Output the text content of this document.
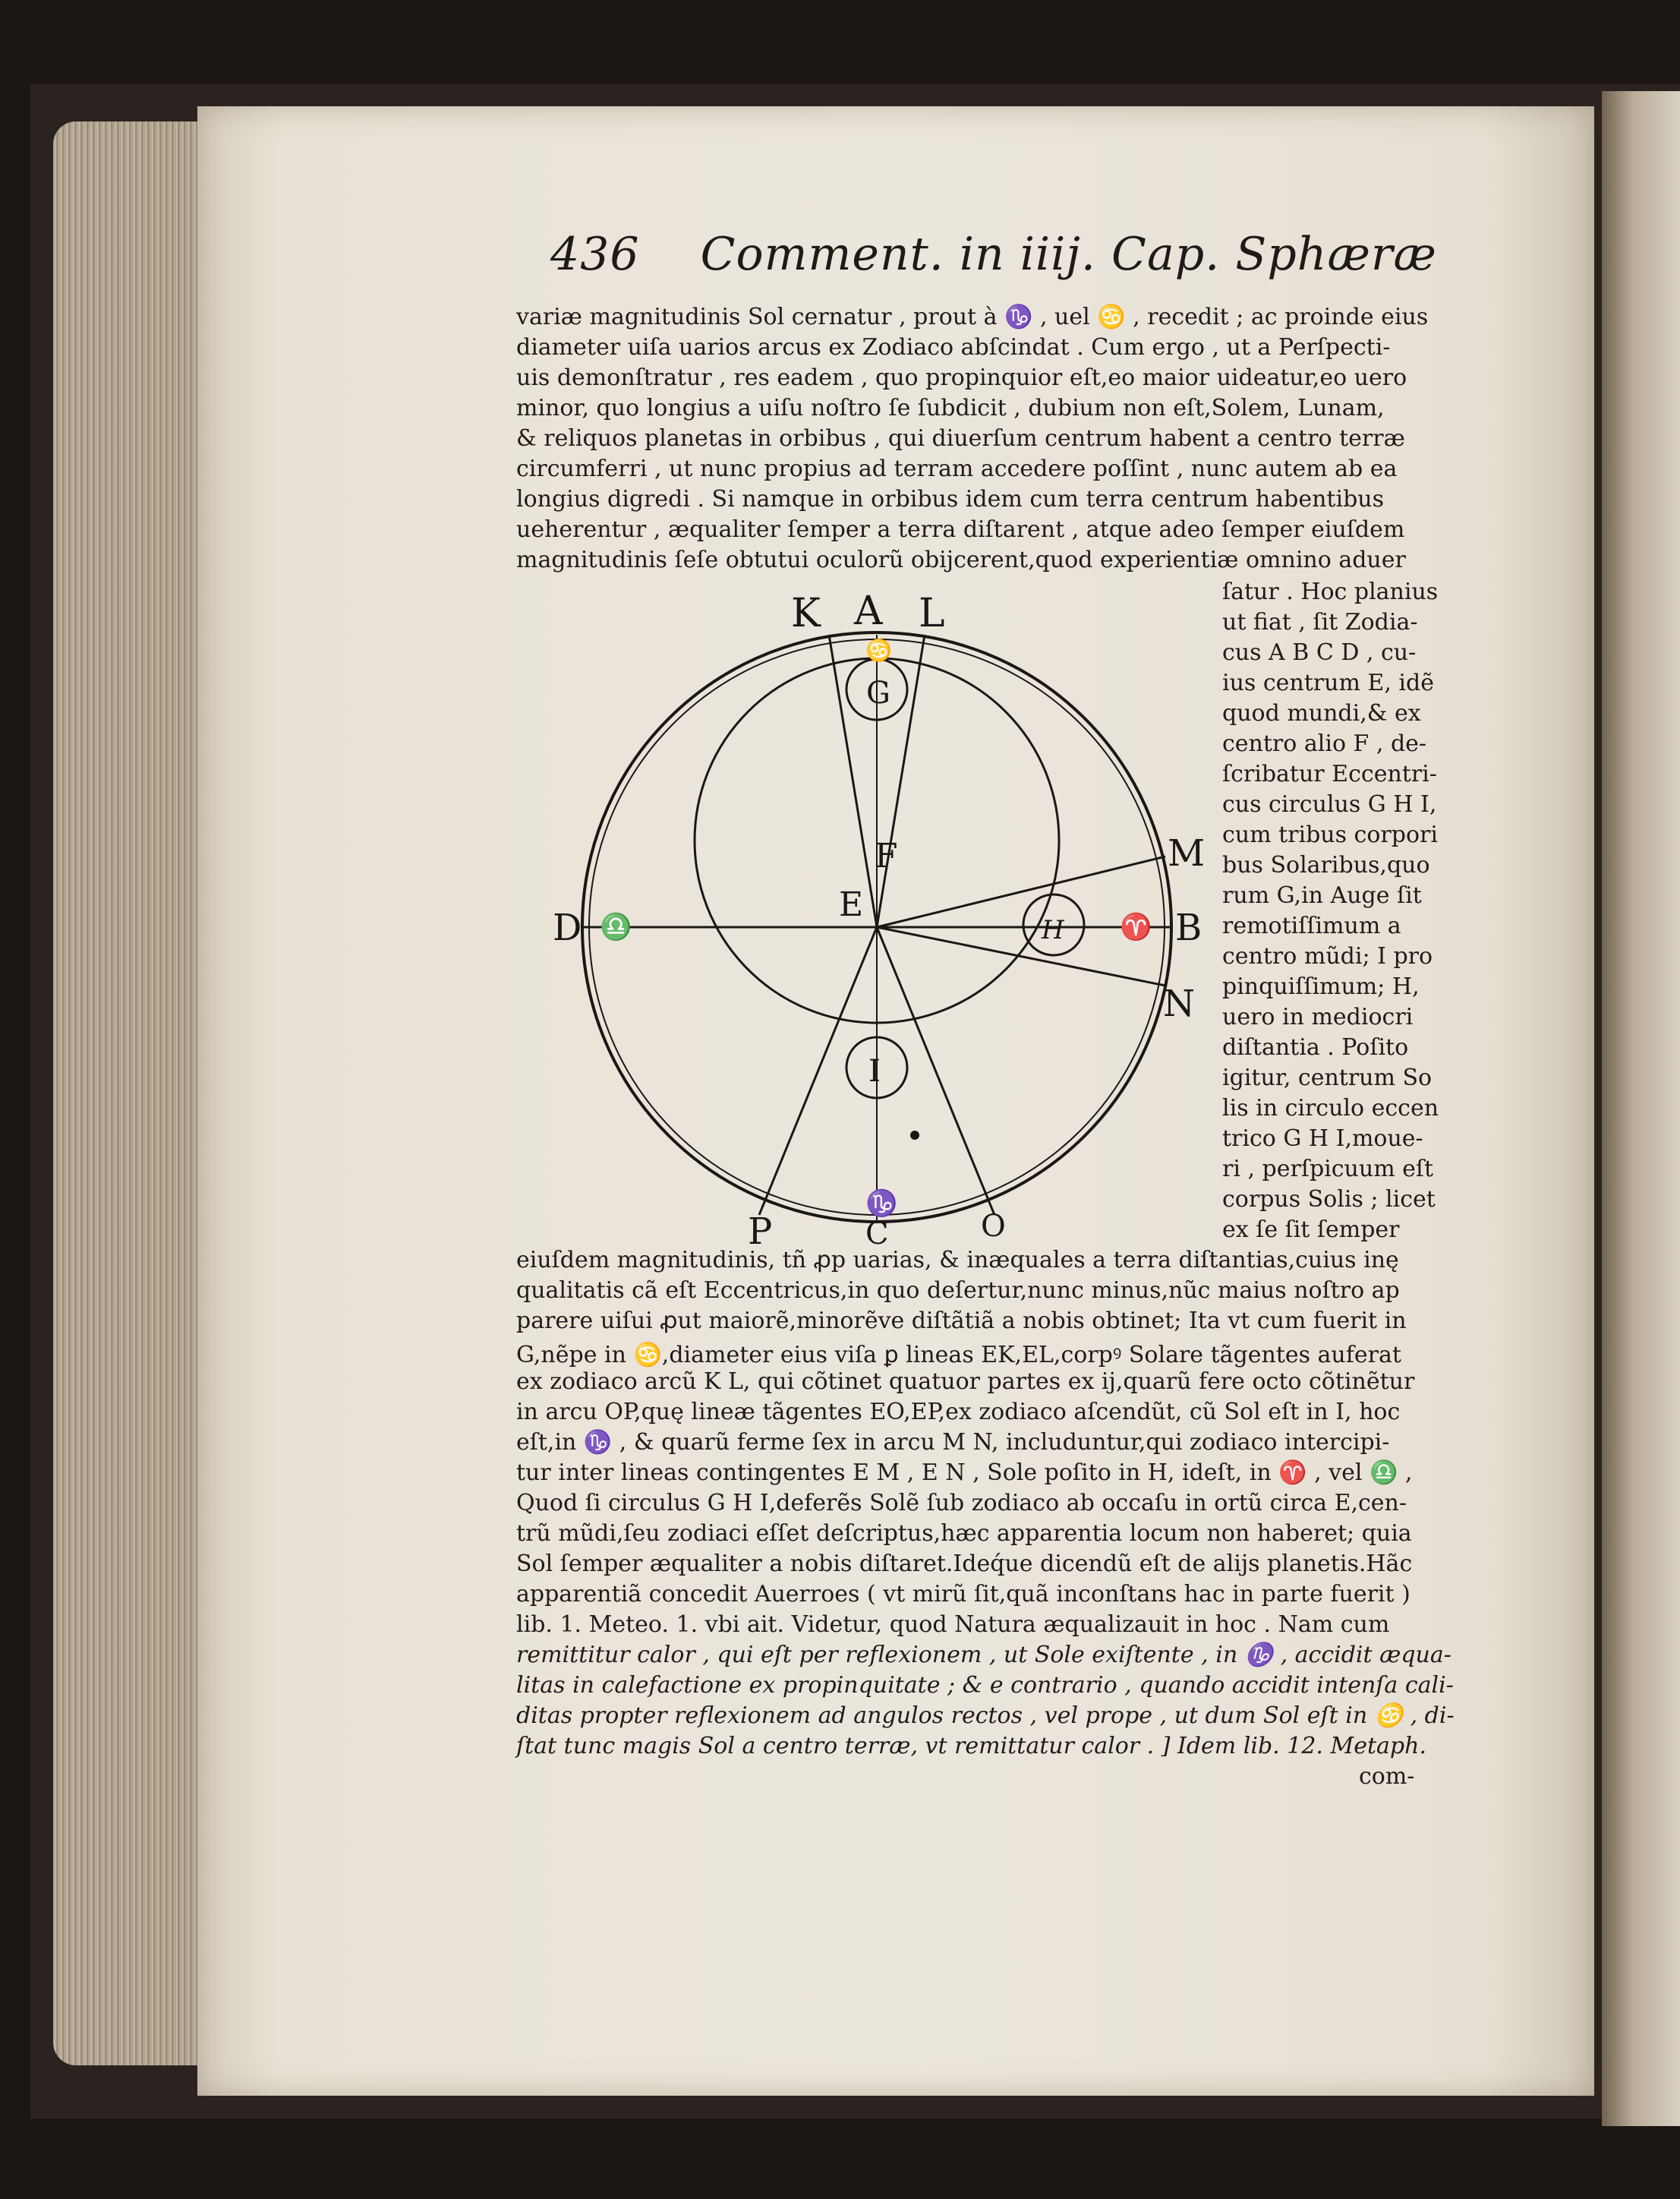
436 Comment. in iiij. Cap. Sphæræ
variæ magnitudinis Sol cernatur , prout à ♑ , uel ♋ , recedit ; ac proinde eius
diameter uiſa uarios arcus ex Zodiaco abſcindat . Cum ergo , ut a Perſpecti-
uis demonſtratur , res eadem , quo propinquior eſt,eo maior uideatur,eo uero
minor, quo longius a uiſu noſtro ſe ſubdicit , dubium non eſt,Solem, Lunam,
& reliquos planetas in orbibus , qui diuerſum centrum habent a centro terræ
circumferri , ut nunc propius ad terram accedere poſſint , nunc autem ab ea
longius digredi . Si namque in orbibus idem cum terra centrum habentibus
ueherentur , æqualiter ſemper a terra diſtarent , atque adeo ſemper eiuſdem
magnitudinis ſeſe obtutui oculorũ obijcerent,quod experientiæ omnino aduer
ſatur . Hoc planius
ut fiat , ſit Zodia-
cus A B C D , cu-
ius centrum E, idẽ
quod mundi,& ex
centro alio F , de-
ſcribatur Eccentri-
cus circulus G H I,
cum tribus corpori
bus Solaribus,quo
rum G,in Auge ſit
remotiſſimum a
centro mũdi; I pro
pinquiſſimum; H,
uero in mediocri
diſtantia . Poſito
igitur, centrum So
lis in circulo eccen
trico G H I,moue-
ri , perſpicuum eſt
corpus Solis ; licet
ex ſe ſit ſemper
K A L
M
B
N
D
P	C	O
E
F
G
H
I
♋
♈
♎
♑
eiuſdem magnitudinis, tñ ꝓp uarias, & inæquales a terra diſtantias,cuius inę
qualitatis cã eſt Eccentricus,in quo deſertur,nunc minus,nũc maius noſtro ap
parere uiſui ꝓut maiorẽ,minorẽve diſtãtiã a nobis obtinet; Ita vt cum fuerit in
G,nẽpe in ♋,diameter eius viſa ꝑ lineas EK,EL,corpꝰ Solare tãgentes auferat
ex zodiaco arcũ K L, qui cõtinet quatuor partes ex ij,quarũ fere octo cõtinẽtur
in arcu OP,quę lineæ tãgentes EO,EP,ex zodiaco aſcendũt, cũ Sol eſt in I, hoc
eſt,in ♑ , & quarũ ferme ſex in arcu M N, includuntur,qui zodiaco intercipi-
tur inter lineas contingentes E M , E N , Sole poſito in H, ideſt, in ♈ , vel ♎ ,
Quod ſi circulus G H I,deferẽs Solẽ ſub zodiaco ab occaſu in ortũ circa E,cen-
trũ mũdi,ſeu zodiaci eſſet deſcriptus,hæc apparentia locum non haberet; quia
Sol ſemper æqualiter a nobis diſtaret.Ideq́ue dicendũ eſt de alijs planetis.Hãc
apparentiã concedit Auerroes ( vt mirũ ſit,quã inconſtans hac in parte fuerit )
lib. 1. Meteo. 1. vbi ait. Videtur, quod Natura æqualizauit in hoc . Nam cum
remittitur calor , qui eſt per reflexionem , ut Sole exiſtente , in ♑ , accidit æqua-
litas in calefactione ex propinquitate ; & e contrario , quando accidit intenſa cali-
ditas propter reflexionem ad angulos rectos , vel prope , ut dum Sol eſt in ♋ , di-
ſtat tunc magis Sol a centro terræ, vt remittatur calor . ] Idem lib. 12. Metaph.
com-
